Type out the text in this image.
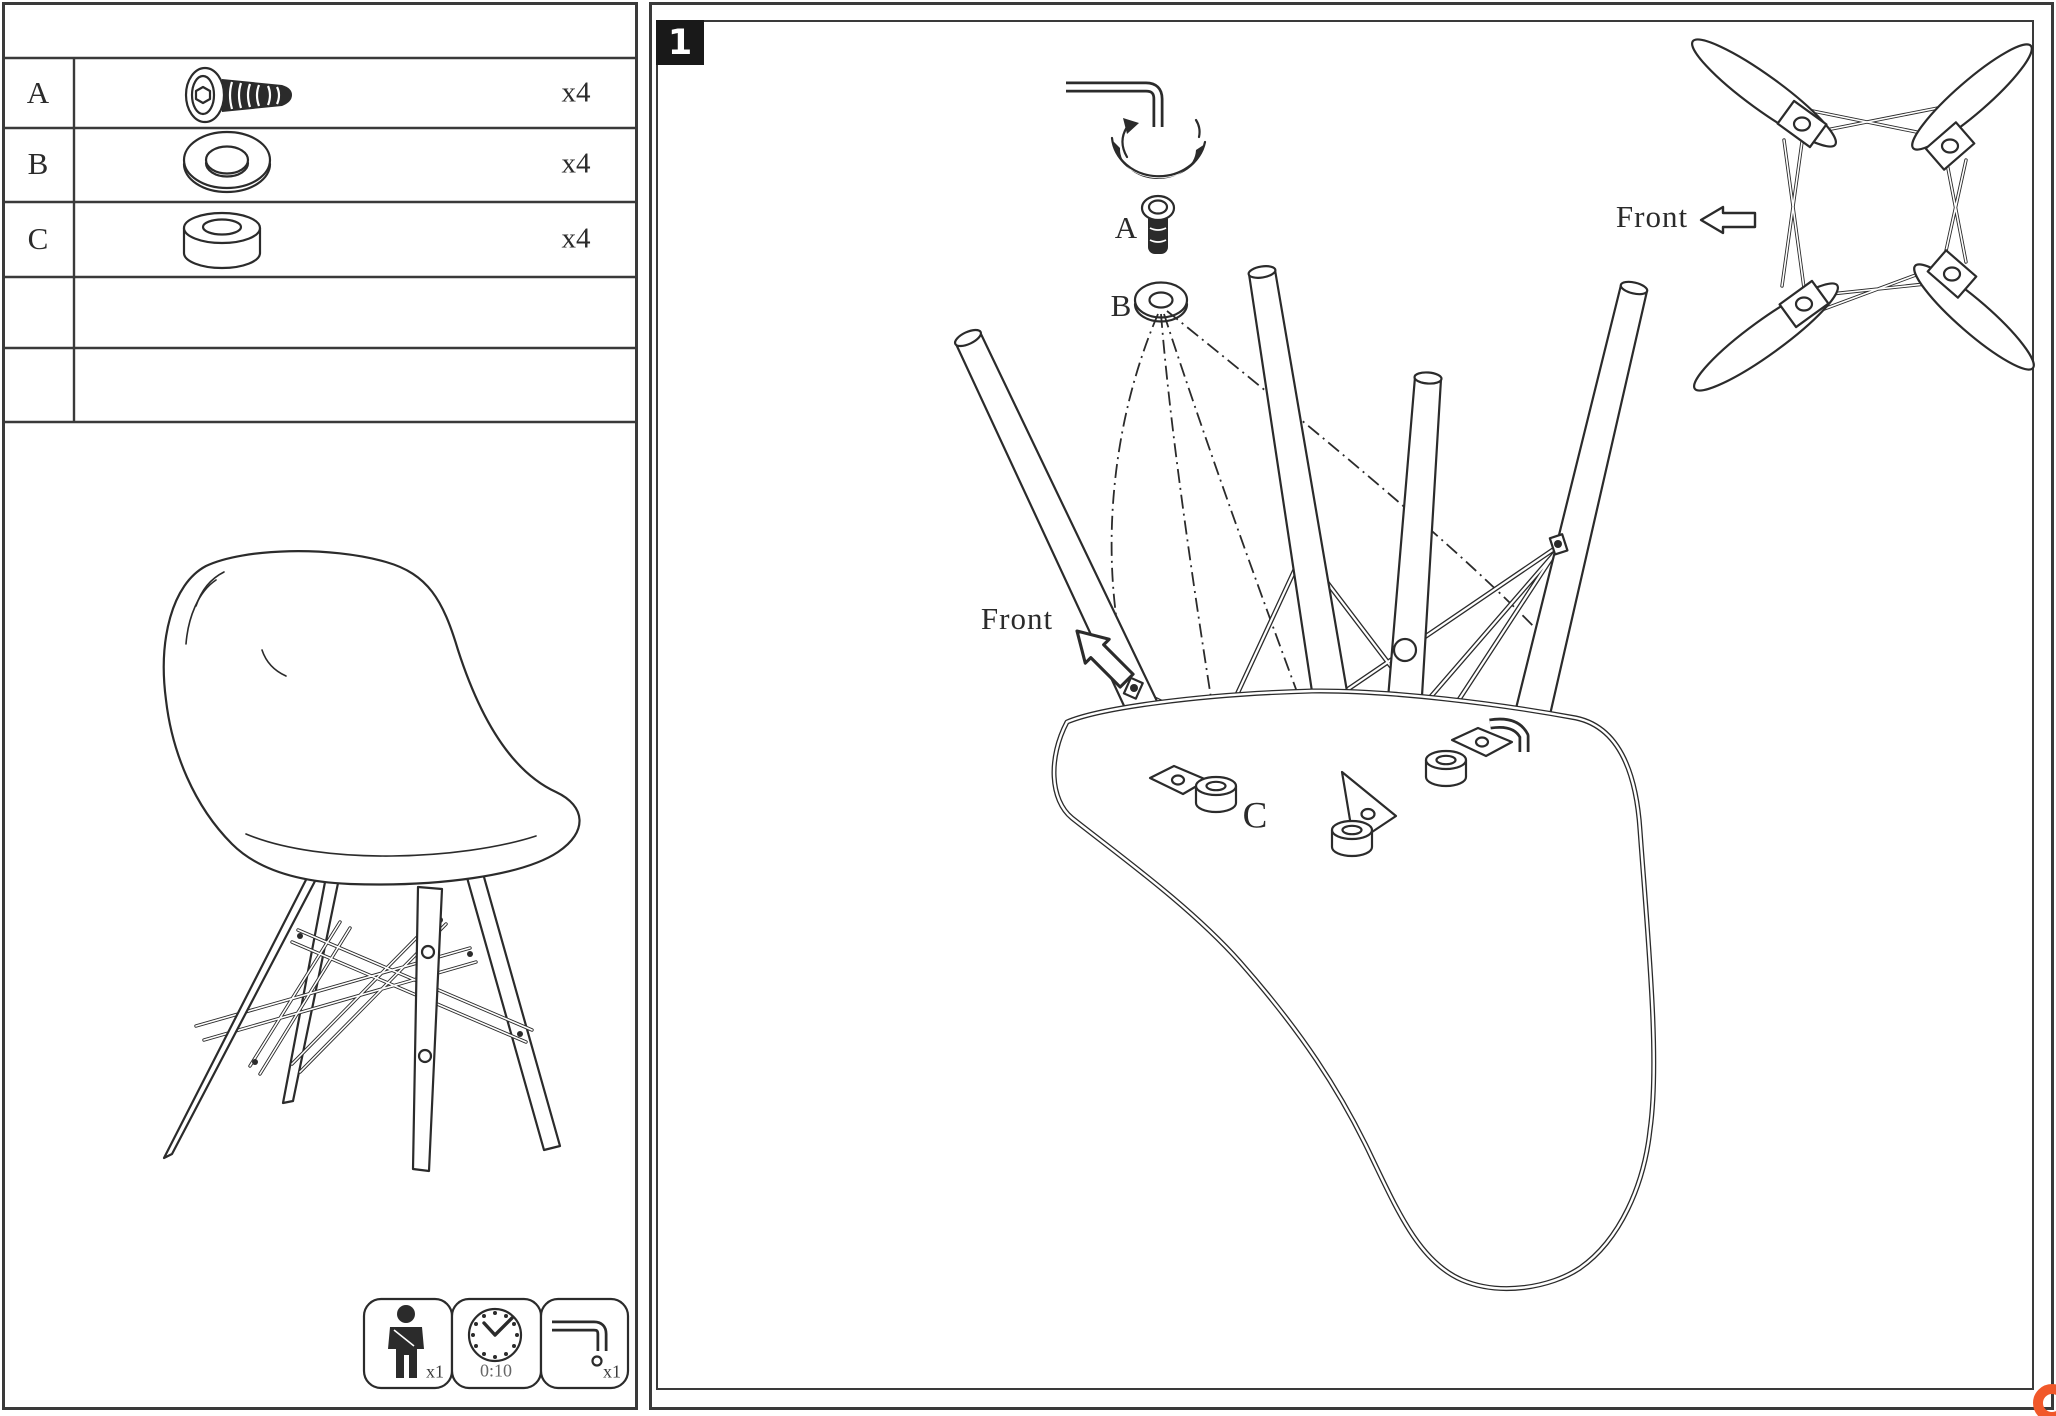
1
A
B
C
x4
x4
x4
x1 0:10	x1
A
B
C
Front
Front
